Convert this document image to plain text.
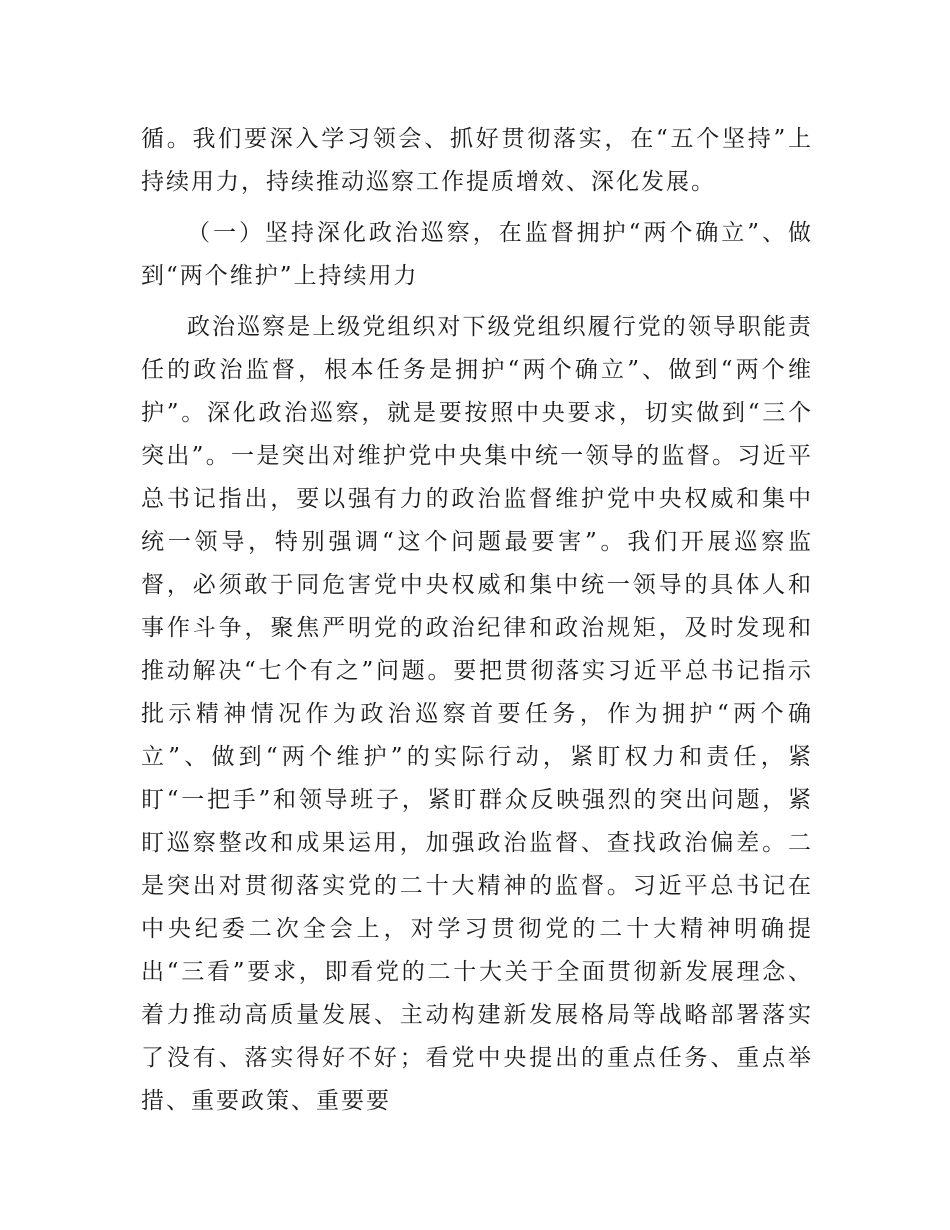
循。我们要深入学习领会、抓好贯彻落实，在“五个坚持”上持续用力，持续推动巡察工作提质增效、深化发展。

（一）坚持深化政治巡察，在监督拥护“两个确立”、做到“两个维护”上持续用力

政治巡察是上级党组织对下级党组织履行党的领导职能责任的政治监督，根本任务是拥护“两个确立”、做到“两个维护”。深化政治巡察，就是要按照中央要求，切实做到“三个突出”。一是突出对维护党中央集中统一领导的监督。习近平总书记指出，要以强有力的政治监督维护党中央权威和集中统一领导，特别强调“这个问题最要害”。我们开展巡察监督，必须敢于同危害党中央权威和集中统一领导的具体人和事作斗争，聚焦严明党的政治纪律和政治规矩，及时发现和推动解决“七个有之”问题。要把贯彻落实习近平总书记指示批示精神情况作为政治巡察首要任务，作为拥护“两个确立”、做到“两个维护”的实际行动，紧盯权力和责任，紧盯“一把手”和领导班子，紧盯群众反映强烈的突出问题，紧盯巡察整改和成果运用，加强政治监督、查找政治偏差。二是突出对贯彻落实党的二十大精神的监督。习近平总书记在中央纪委二次全会上，对学习贯彻党的二十大精神明确提出“三看”要求，即看党的二十大关于全面贯彻新发展理念、着力推动高质量发展、主动构建新发展格局等战略部署落实了没有、落实得好不好；看党中央提出的重点任务、重点举措、重要政策、重要要
